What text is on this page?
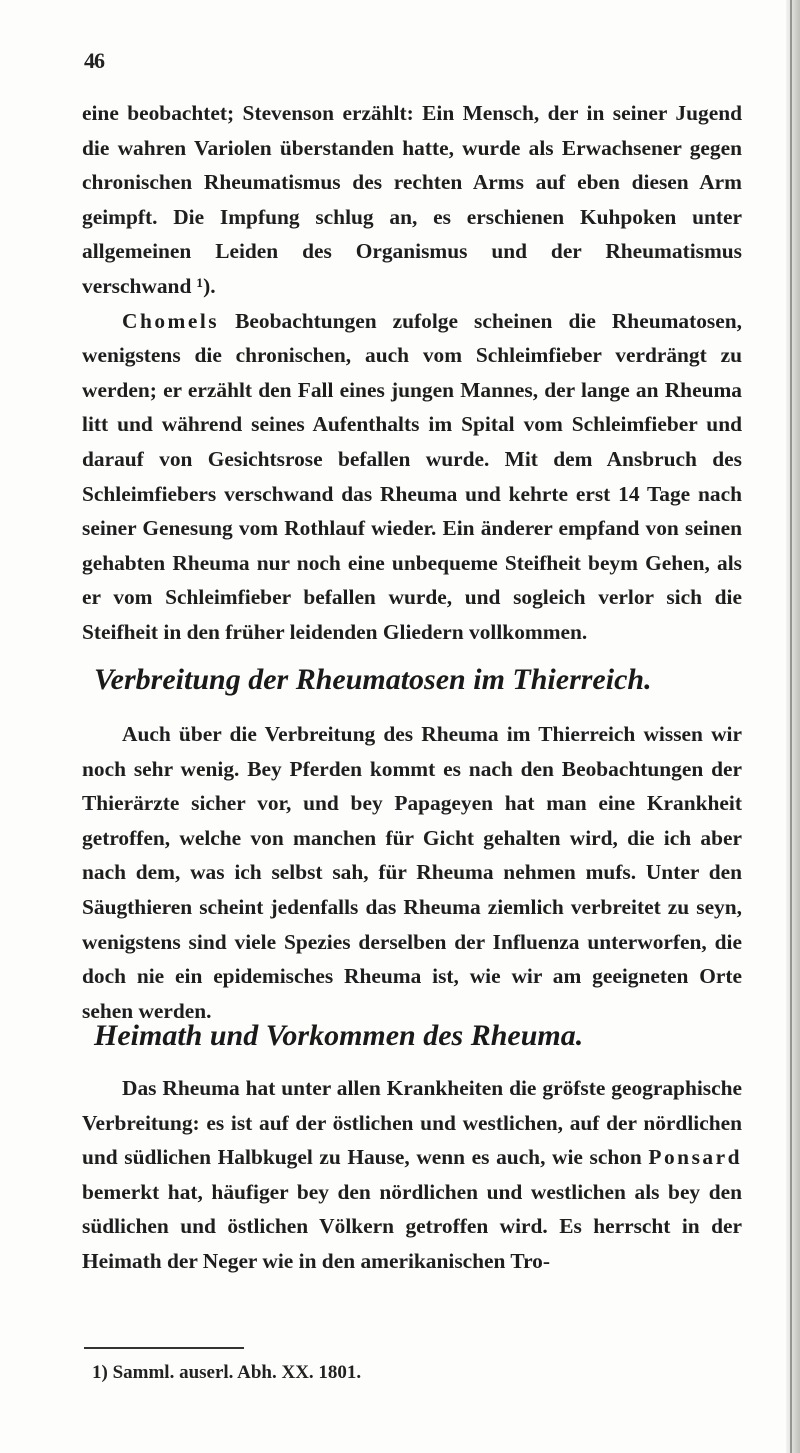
46

eine beobachtet; Stevenson erzählt: Ein Mensch, der in seiner Jugend die wahren Variolen überstanden hatte, wurde als Erwachsener gegen chronischen Rheumatismus des rechten Arms auf eben diesen Arm geimpft. Die Impfung schlug an, es erschienen Kuhpoken unter allgemeinen Leiden des Organismus und der Rheumatismus verschwand ¹).

Chomels Beobachtungen zufolge scheinen die Rheumatosen, wenigstens die chronischen, auch vom Schleimfieber verdrängt zu werden; er erzählt den Fall eines jungen Mannes, der lange an Rheuma litt und während seines Aufenthalts im Spital vom Schleimfieber und darauf von Gesichtsrose befallen wurde. Mit dem Ansbruch des Schleimfiebers verschwand das Rheuma und kehrte erst 14 Tage nach seiner Genesung vom Rothlauf wieder. Ein änderer empfand von seinen gehabten Rheuma nur noch eine unbequeme Steifheit beym Gehen, als er vom Schleimfieber befallen wurde, und sogleich verlor sich die Steifheit in den früher leidenden Gliedern vollkommen.

Verbreitung der Rheumatosen im Thierreich.

Auch über die Verbreitung des Rheuma im Thierreich wissen wir noch sehr wenig. Bey Pferden kommt es nach den Beobachtungen der Thierärzte sicher vor, und bey Papageyen hat man eine Krankheit getroffen, welche von manchen für Gicht gehalten wird, die ich aber nach dem, was ich selbst sah, für Rheuma nehmen mufs. Unter den Säugthieren scheint jedenfalls das Rheuma ziemlich verbreitet zu seyn, wenigstens sind viele Spezies derselben der Influenza unterworfen, die doch nie ein epidemisches Rheuma ist, wie wir am geeigneten Orte sehen werden.

Heimath und Vorkommen des Rheuma.

Das Rheuma hat unter allen Krankheiten die gröfste geographische Verbreitung: es ist auf der östlichen und westlichen, auf der nördlichen und südlichen Halbkugel zu Hause, wenn es auch, wie schon Ponsard bemerkt hat, häufiger bey den nördlichen und westlichen als bey den südlichen und östlichen Völkern getroffen wird. Es herrscht in der Heimath der Neger wie in den amerikanischen Tro-

1) Samml. auserl. Abh. XX. 1801.
